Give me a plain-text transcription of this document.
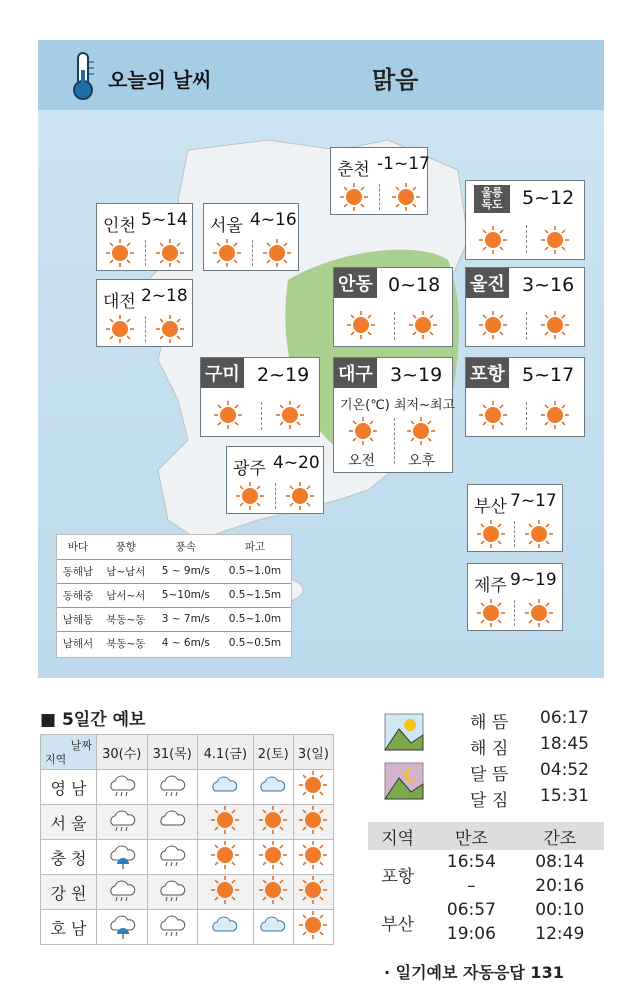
오늘의 날씨	맑음
춘천 -1~17
인천 5~14 서울 4~16
울릉 독도	5~12
대전 2~18
안동 0~18 울진 3~16
구미 2~19 대구 3~19
기온(℃) 최저~최고
오전 오후
포항 5~17
광주 4~20
부산 7~17
제주 9~19
바다	풍향	풍속	파고
동해남	남~남서	5 ~ 9m/s	0.5~1.0m
동해중	남서~서	5~10m/s	0.5~1.5m
남해동	북동~동	3 ~ 7m/s	0.5~1.0m
남해서	북동~동	4 ~ 6m/s	0.5~0.5m
■ 5일간 예보
날짜
지역	30(수)	31(목)	4.1(금)	2(토)	3(일)
영 남					
서 울					
충 청					
강 원					
호 남					
해 뜸 06:17
해 짐 18:45
달 뜸 04:52
달 짐 15:31
지역	만조	간조
포항	16:54	08:14
	–	20:16
부산	06:57	00:10
	19:06	12:49
· 일기예보 자동응답 131
